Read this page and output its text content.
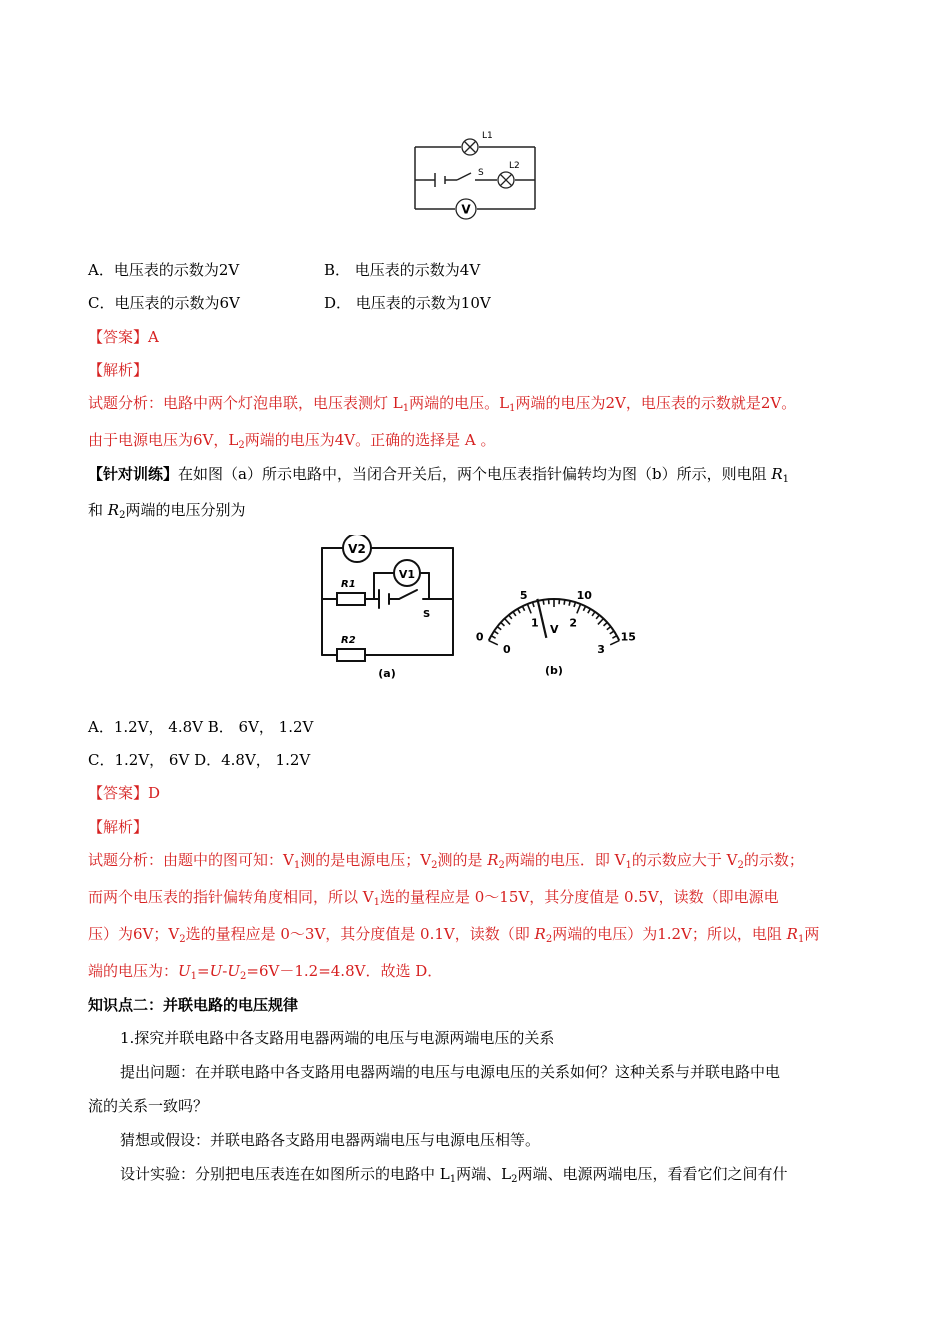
V
L1
L2
S
A．电压表的示数为2V	B． 电压表的示数为4V
C．电压表的示数为6V	D． 电压表的示数为10V
【答案】A
【解析】
试题分析：电路中两个灯泡串联，电压表测灯 $L_1$两端的电压。$L_1$两端的电压为2V，电压表的示数就是2V。
由于电源电压为6V，$L_2$两端的电压为4V。正确的选择是 A 。
【针对训练】在如图（a）所示电路中，当闭合开关后，两个电压表指针偏转均为图（b）所示，则电阻 $R_1$
和 $R_2$两端的电压分别为
V2
V1
R1
R2
S
(a)
V
(b)
0
5	10
15
0
1	2
3
A．1.2V， 4.8V B． 6V， 1.2V
C．1.2V， 6V D．4.8V， 1.2V
【答案】D
【解析】
试题分析：由题中的图可知：$V_1$测的是电源电压；$V_2$测的是 $R_2$两端的电压．即 $V_1$的示数应大于 $V_2$的示数；
而两个电压表的指针偏转角度相同，所以 $V_1$选的量程应是 0～15V，其分度值是 0.5V，读数（即电源电
压）为6V；$V_2$选的量程应是 0～3V，其分度值是 0.1V，读数（即 $R_2$两端的电压）为1.2V；所以，电阻 $R_1$两
端的电压为：$U_1=U-U_2=6V-1.2=4.8V$．故选 D．
知识点二：并联电路的电压规律
1.探究并联电路中各支路用电器两端的电压与电源两端电压的关系
提出问题：在并联电路中各支路用电器两端的电压与电源电压的关系如何？这种关系与并联电路中电
流的关系一致吗？
猜想或假设：并联电路各支路用电器两端电压与电源电压相等。
设计实验：分别把电压表连在如图所示的电路中 $L_1$两端、$L_2$两端、电源两端电压，看看它们之间有什
